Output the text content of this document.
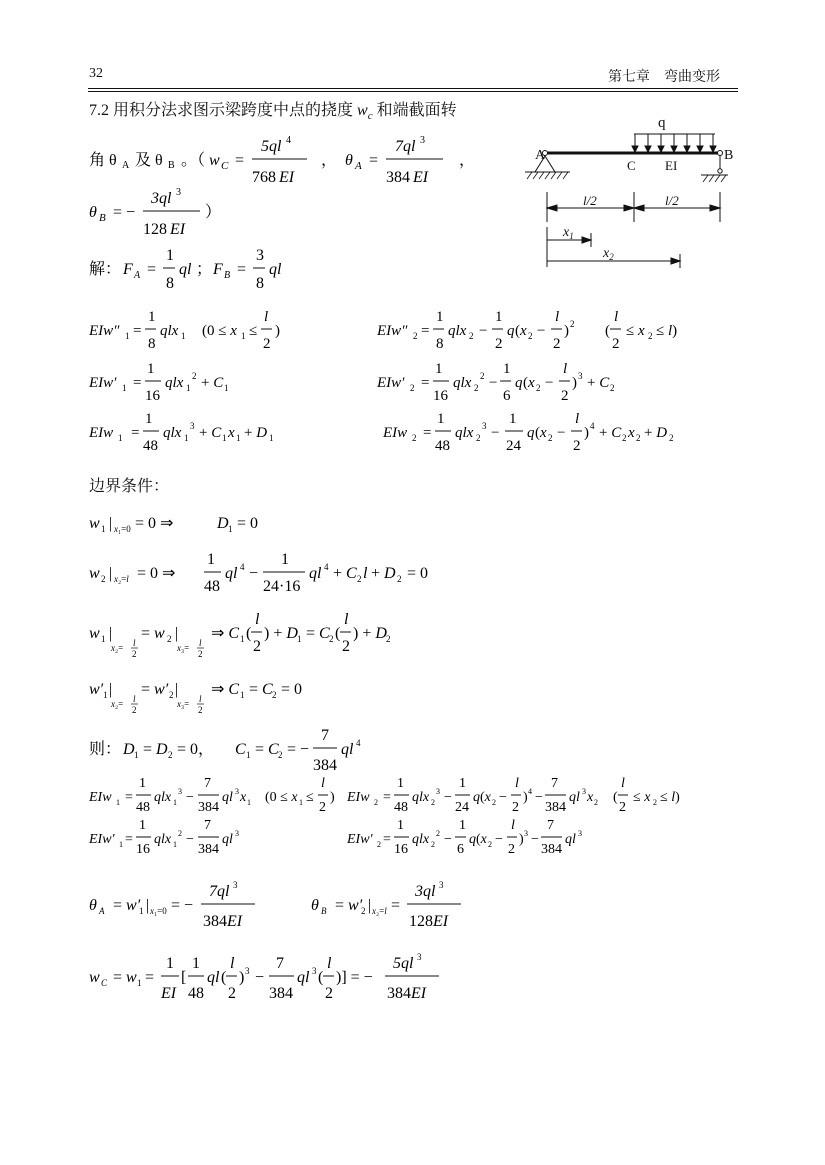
32	第七章　弯曲变形
7.2 用积分法求图示梁跨度中点的挠度 $w_c$ 和端截面转
角 θ A 及 θ B 。（ w C =
5ql 4
768 EI
， θ A =
7ql 3
384 EI
，
θ B = −
3ql 3
128 EI
）
q
A	B
C EI
l/2	l/2
$x_1$
$x_2$
解： F A =
1
8
ql ； F B =
3
8
ql
EIw″ 1 =
1
8
qlx 1 (0 ≤ x 1 ≤
l
2
)	EIw″ 2 =
1
8
qlx 2 −
1
2
q (x 2 −
l
2
) 2 (
l
2
≤ x 2 ≤ l)
EIw′ 1 =
1
16
qlx 1
2 + C 1	EIw′ 2 =
1
16
qlx 2
2 −
1
6
q (x 2 −
l
2
) 3 + C 2
EIw 1 =
1
48
qlx 1
3 + C 1 x 1 + D 1	EIw 2 =
1
48
qlx 2
3 −
1
24
q (x 2 −
l
2
) 4 + C 2 x 2 + D 2
边界条件：
w 1 | x₁=0 = 0 ⇒	D 1 = 0
w 2 | x₂=l = 0 ⇒
1
48
ql 4 −
1
24·16
ql 4 + C 2 l + D 2 = 0
w 1 |
x₂= l
2
= w 2 |
x₃= l
2
⇒ C 1 (
l
2
) + D 1 = C 2 (
l
2
) + D 2
w′ 1 |
x₂= l
2
= w′ 2 |
x₃= l
2
⇒ C 1 = C 2 = 0
则： D 1 = D 2 = 0， C 1 = C 2 = −
7
384
ql 4
EIw 1 =
1
48
qlx 1
3 −
7
384
ql 3 x 1 (0 ≤ x 1 ≤
l
2
) EIw 2 =
1
48
qlx 2
3 −
1
24
q (x 2 −
l
2
) 4 −
7
384
ql 3 x 2 (
l
2
≤ x 2 ≤ l)
EIw′ 1 =
1
16
qlx 1
2 −
7
384
ql 3	EIw′ 2 =
1
16
qlx 2
2 −
1
6
q (x 2 −
l
2
) 3 −
7
384
ql 3
θ A = w′
1 | x₁=0 = −
7ql 3
384EI
θ B = w′
2 | x₂=l =
3ql 3
128EI
w C = w 1 =
1
EI
[
1
48
ql (
l
2
) 3 −
7
384
ql 3 (
l
2
)] = −
5ql 3
384EI
